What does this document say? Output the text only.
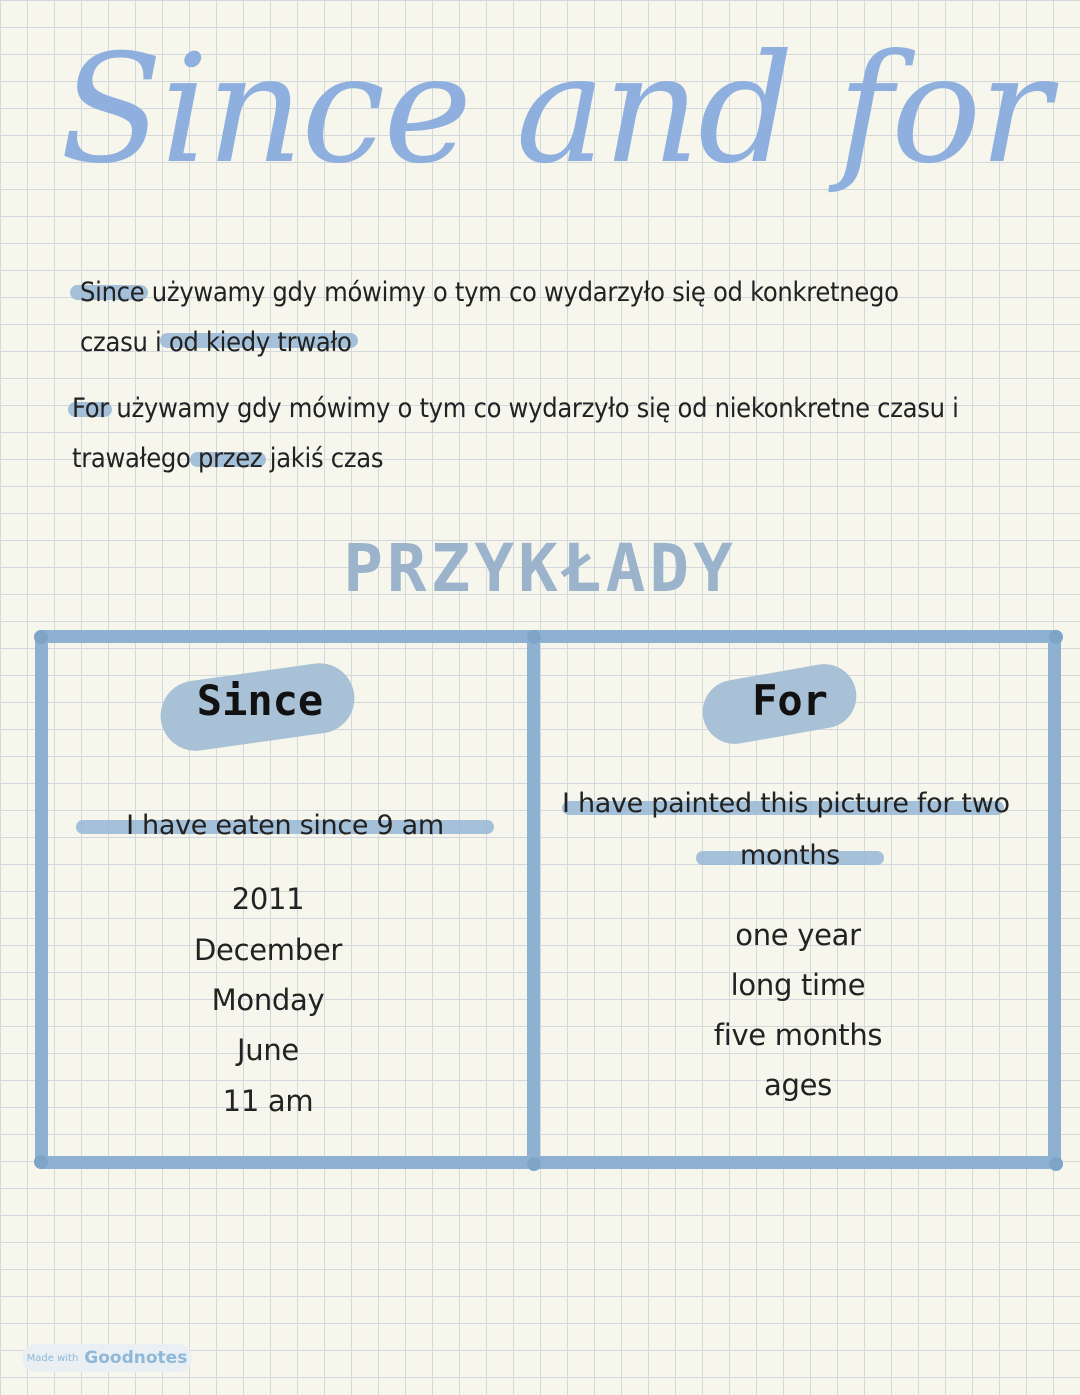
Since and for
Since używamy gdy mówimy o tym co wydarzyło się od konkretnego
czasu i od kiedy trwało
For używamy gdy mówimy o tym co wydarzyło się od niekonkretne czasu i
trawałego przez jakiś czas
PRZYKŁADY
Since
I have eaten since 9 am
2011
December
Monday
June
11 am
For
I have painted this picture for two
months
one year
long time
five months
ages
Made with Goodnotes
